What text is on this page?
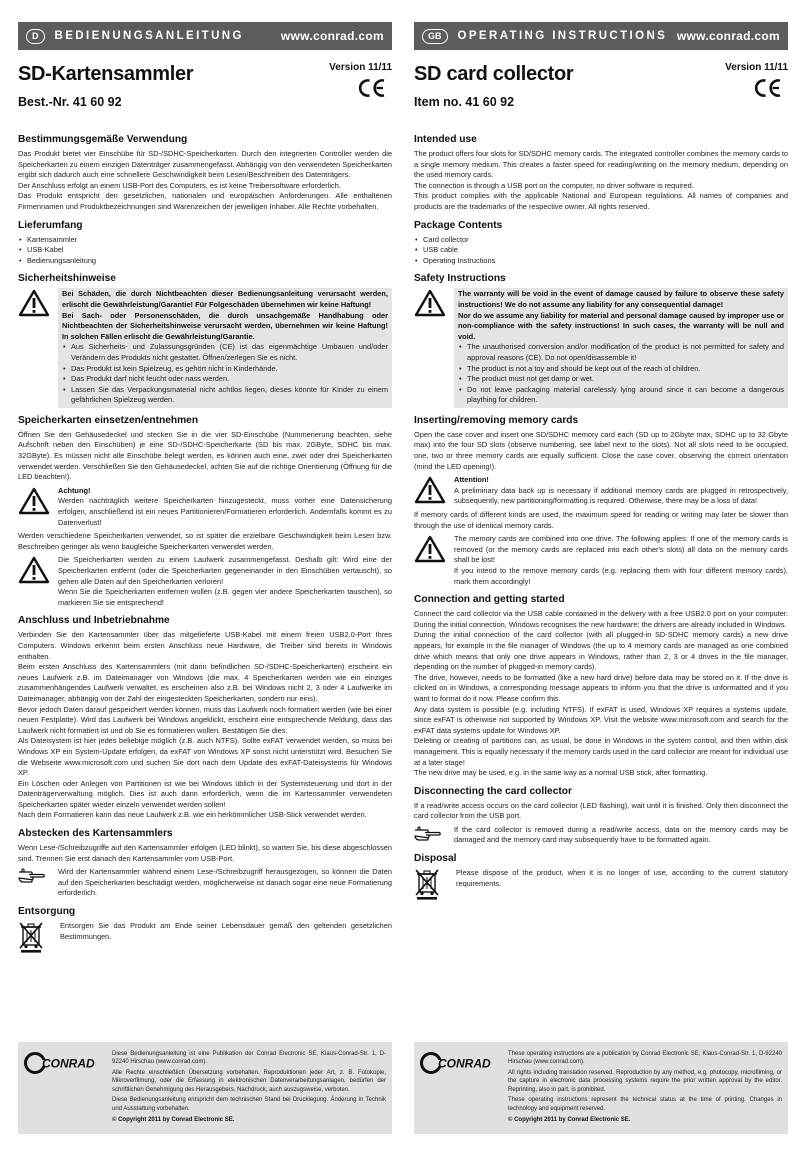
D	BEDIENUNGSANLEITUNG	www.conrad.com
SD-Kartensammler
Best.-Nr. 41 60 92
Version 11/11
Bestimmungsgemäße Verwendung

Das Produkt bietet vier Einschübe für SD-/SDHC-Speicherkarten. Durch den integrierten Controller werden die Speicherkarten zu einem einzigen Datenträger zusammengefasst. Abhängig von den verwendeten Speicherkarten ergibt sich dadurch auch eine schnellere Geschwindigkeit beim Lesen/Beschreiben des Datenträgers.

Der Anschluss erfolgt an einem USB-Port des Computers, es ist keine Treibersoftware erforderlich.

Das Produkt entspricht den gesetzlichen, nationalen und europäischen Anforderungen. Alle enthaltenen Firmennamen und Produktbezeichnungen sind Warenzeichen der jeweiligen Inhaber. Alle Rechte vorbehalten.

Lieferumfang
• Kartensammler
• USB-Kabel
• Bedienungsanleitung
Sicherheitshinweise

Bei Schäden, die durch Nichtbeachten dieser Bedienungsanleitung verursacht werden, erlischt die Gewährleistung/Garantie! Für Folgeschäden übernehmen wir keine Haftung!

Bei Sach- oder Personenschäden, die durch unsachgemäße Handhabung oder Nichtbeachten der Sicherheitshinweise verursacht werden, übernehmen wir keine Haftung! In solchen Fällen erlischt die Gewährleistung/Garantie.

• Aus Sicherheits- und Zulassungsgründen (CE) ist das eigenmächtige Umbauen und/oder Verändern des Produkts nicht gestattet. Öffnen/zerlegen Sie es nicht.
• Das Produkt ist kein Spielzeug, es gehört nicht in Kinderhände.
• Das Produkt darf nicht feucht oder nass werden.
• Lassen Sie das Verpackungsmaterial nicht achtlos liegen, dieses könnte für Kinder zu einem gefährlichen Spielzeug werden.
Speicherkarten einsetzen/entnehmen

Öffnen Sie den Gehäusedeckel und stecken Sie in die vier SD-Einschübe (Nummerierung beachten, siehe Aufschrift neben den Einschüben) je eine SD-/SDHC-Speicherkarte (SD bis max. 2GByte, SDHC bis max. 32GByte). Es müssen nicht alle Einschübe belegt werden, es können auch eine, zwei oder drei Speicherkarten verwendet werden. Verschließen Sie den Gehäusedeckel, achten Sie auf die richtige Orientierung (Öffnung für die LED beachten!).

Achtung!

Werden nachträglich weitere Speicherkarten hinzugesteckt, muss vorher eine Datensicherung erfolgen, anschließend ist ein neues Partitionieren/Formatieren erforderlich. Andernfalls kommt es zu Datenverlust!

Werden verschiedene Speicherkarten verwendet, so ist später die erzielbare Geschwindigkeit beim Lesen bzw. Beschreiben geringer als wenn baugleiche Speicherkarten verwendet werden.

Die Speicherkarten werden zu einem Laufwerk zusammengefasst. Deshalb gilt: Wird eine der Speicherkarten entfernt (oder die Speicherkarten gegeneinander in den Einschüben vertauscht), so gehen alle Daten auf den Speicherkarten verloren!

Wenn Sie die Speicherkarten entfernen wollen (z.B. gegen vier andere Speicherkarten tauschen), so markieren Sie sie entsprechend!

Anschluss und Inbetriebnahme

Verbinden Sie den Kartensammler über das mitgelieferte USB-Kabel mit einem freien USB2.0-Port Ihres Computers. Windows erkennt beim ersten Anschluss neue Hardware, die Treiber sind bereits in Windows enthalten.

Beim ersten Anschluss des Kartensammlers (mit darin befindlichen SD-/SDHC-Speicherkarten) erscheint ein neues Laufwerk z.B. im Dateimanager von Windows (die max. 4 Speicherkarten werden wie ein einziges zusammenhängendes Laufwerk verwaltet, es erscheinen also z.B. bei Windows nicht 2, 3 oder 4 Laufwerke im Dateimanager, abhängig von der Zahl der eingesteckten Speicherkarten, sondern nur eins).

Bevor jedoch Daten darauf gespeichert werden können, muss das Laufwerk noch formatiert werden (wie bei einer neuen Festplatte). Wird das Laufwerk bei Windows angeklickt, erscheint eine entsprechende Meldung, dass das Laufwerk nicht formatiert ist und ob Sie es formatieren wollen. Bestätigen Sie dies.

Als Dateisystem ist hier jedes beliebige möglich (z.B. auch NTFS). Sollte exFAT verwendet werden, so muss bei Windows XP ein System-Update erfolgen, da exFAT von Windows XP sonst nicht unterstützt wird. Besuchen Sie die Webseite www.microsoft.com und suchen Sie dort nach dem Update des exFAT-Dateisystems für Windows XP.

Ein Löschen oder Anlegen von Partitionen ist wie bei Windows üblich in der Systemsteuerung und dort in der Datenträgerverwaltung möglich. Dies ist auch dann erforderlich, wenn die im Kartensammler verwendeten Speicherkarten später wieder einzeln verwendet werden sollen!

Nach dem Formatieren kann das neue Laufwerk z.B. wie ein herkömmlicher USB-Stick verwendet werden.

Abstecken des Kartensammlers

Wenn Lese-/Schreibzugriffe auf den Kartensammler erfolgen (LED blinkt), so warten Sie, bis diese abgeschlossen sind. Trennen Sie erst danach den Kartensammler vom USB-Port.

Wird der Kartensammler während einem Lese-/Schreibzugriff herausgezogen, so können die Daten auf den Speicherkarten beschädigt werden, möglicherweise ist danach sogar eine neue Formatierung erforderlich.

Entsorgung

Entsorgen Sie das Produkt am Ende seiner Lebensdauer gemäß den geltenden gesetzlichen Bestimmungen.

CONRAD

Diese Bedienungsanleitung ist eine Publikation der Conrad Electronic SE, Klaus-Conrad-Str. 1, D-92240 Hirschau (www.conrad.com).

Alle Rechte einschließlich Übersetzung vorbehalten. Reproduktionen jeder Art, z. B. Fotokopie, Mikroverfilmung, oder die Erfassung in elektronischen Datenverarbeitungsanlagen, bedürfen der schriftlichen Genehmigung des Herausgebers. Nachdruck, auch auszugsweise, verboten.

Diese Bedienungsanleitung entspricht dem technischen Stand bei Drucklegung. Änderung in Technik und Ausstattung vorbehalten.

© Copyright 2011 by Conrad Electronic SE.

GB	OPERATING INSTRUCTIONS www.conrad.com
SD card collector
Item no. 41 60 92
Version 11/11
Intended use

The product offers four slots for SD/SDHC memory cards. The integrated controller combines the memory cards to a single memory medium. This creates a faster speed for reading/writing on the memory medium, depending on the used memory cards.

The connection is through a USB port on the computer, no driver software is required.

This product complies with the applicable National and European regulations. All names of companies and products are the trademarks of the respective owner. All rights reserved.

Package Contents
• Card collector
• USB cable
• Operating Instructions
Safety Instructions

The warranty will be void in the event of damage caused by failure to observe these safety instructions! We do not assume any liability for any consequential damage!

Nor do we assume any liability for material and personal damage caused by improper use or non-compliance with the safety instructions! In such cases, the warranty will be null and void.

• The unauthorised conversion and/or modification of the product is not permitted for safety and approval reasons (CE). Do not open/disassemble it!
• The product is not a toy and should be kept out of the reach of children.
• The product must not get damp or wet.
• Do not leave packaging material carelessly lying around since it can become a dangerous plaything for children.
Inserting/removing memory cards

Open the case cover and insert one SD/SDHC memory card each (SD up to 2Gbyte max, SDHC up to 32 Gbyte max) into the four SD slots (observe numbering, see label next to the slots). Not all slots need to be occupied; one, two or three memory cards are equally sufficient. Close the case cover, observing the correct orientation (mind the LED opening!).

Attention!

A preliminary data back up is necessary if additional memory cards are plugged in retrospectively, subsequently, new partitioning/formatting is required. Otherwise, there may be a loss of data!

If memory cards of different kinds are used, the maximum speed for reading or writing may later be slower than through the use of identical memory cards.

The memory cards are combined into one drive. The following applies: If one of the memory cards is removed (or the memory cards are replaced into each other's slots) all data on the memory cards shall be lost!

If you intend to the remove memory cards (e.g. replacing them with four different memory cards), mark them accordingly!

Connection and getting started

Connect the card collector via the USB cable contained in the delivery with a free USB2.0 port on your computer. During the initial connection, Windows recognises the new hardware; the drivers are already included in Windows.

During the initial connection of the card collector (with all plugged-in SD-SDHC memory cards) a new drive appears, for example in the file manager of Windows (the up to 4 memory cards are managed as one combined drive which means that only one drive appears in Windows, rather than 2, 3 or 4 drives in the file manager, depending on the number of plugged-in memory cards).

The drive, however, needs to be formatted (like a new hard drive) before data may be stored on it. If the drive is clicked on in Windows, a corresponding message appears to inform you that the drive is unformatted and if you want to format do it now. Please confirm this.

Any data system is possible (e.g. including NTFS). If exFAT is used, Windows XP requires a systems update, since exFAT is otherwise not supported by Windows XP. Visit the website www.microsoft.com and search for the exFAT data systems update for Windows XP.

Deleting or creating of partitions can, as usual, be done in Windows in the system control, and then within disk management. This is equally necessary if the memory cards used in the card collector are meant for individual use at a later stage!

The new drive may be used, e.g. in the same way as a normal USB stick, after formatting.

Disconnecting the card collector

If a read/write access occurs on the card collector (LED flashing), wait until it is finished. Only then disconnect the card collector from the USB port.

If the card collector is removed during a read/write access, data on the memory cards may be damaged and the memory card may subsequently have to be formatted again.

Disposal

Please dispose of the product, when it is no longer of use, according to the current statutory requirements.

CONRAD

These operating instructions are a publication by Conrad Electronic SE, Klaus-Conrad-Str. 1, D-92240 Hirschau (www.conrad.com).

All rights including translation reserved. Reproduction by any method, e.g. photocopy, microfilming, or the capture in electronic data processing systems require the prior written approval by the editor. Reprinting, also in part, is prohibited.

These operating instructions represent the technical status at the time of printing. Changes in technology and equipment reserved.

© Copyright 2011 by Conrad Electronic SE.
